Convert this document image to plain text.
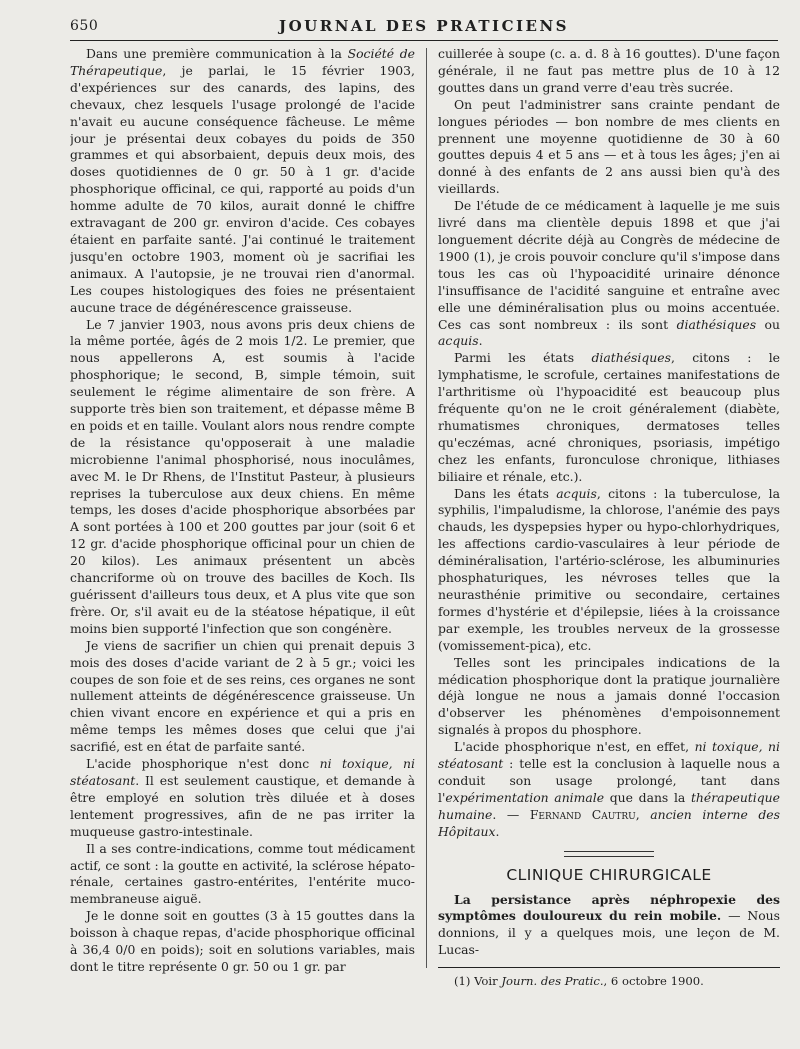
650	JOURNAL DES PRATICIENS

Dans une première communication à la Société de Thérapeutique, je parlai, le 15 février 1903, d'expériences sur des canards, des lapins, des chevaux, chez lesquels l'usage prolongé de l'acide n'avait eu aucune conséquence fâcheuse. Le même jour je présentai deux cobayes du poids de 350 grammes et qui absorbaient, depuis deux mois, des doses quotidiennes de 0 gr. 50 à 1 gr. d'acide phosphorique officinal, ce qui, rapporté au poids d'un homme adulte de 70 kilos, aurait donné le chiffre extravagant de 200 gr. environ d'acide. Ces cobayes étaient en parfaite santé. J'ai continué le traitement jusqu'en octobre 1903, moment où je sacrifiai les animaux. A l'autopsie, je ne trouvai rien d'anormal. Les coupes histologiques des foies ne présentaient aucune trace de dégénérescence graisseuse.

Le 7 janvier 1903, nous avons pris deux chiens de la même portée, âgés de 2 mois 1/2. Le premier, que nous appellerons A, est soumis à l'acide phosphorique; le second, B, simple témoin, suit seulement le régime alimentaire de son frère. A supporte très bien son traitement, et dépasse même B en poids et en taille. Voulant alors nous rendre compte de la résistance qu'opposerait à une maladie microbienne l'animal phosphorisé, nous inoculâmes, avec M. le Dr Rhens, de l'Institut Pasteur, à plusieurs reprises la tuberculose aux deux chiens. En même temps, les doses d'acide phosphorique absorbées par A sont portées à 100 et 200 gouttes par jour (soit 6 et 12 gr. d'acide phosphorique officinal pour un chien de 20 kilos). Les animaux présentent un abcès chancriforme où on trouve des bacilles de Koch. Ils guérissent d'ailleurs tous deux, et A plus vite que son frère. Or, s'il avait eu de la stéatose hépatique, il eût moins bien supporté l'infection que son congénère.

Je viens de sacrifier un chien qui prenait depuis 3 mois des doses d'acide variant de 2 à 5 gr.; voici les coupes de son foie et de ses reins, ces organes ne sont nullement atteints de dégénérescence graisseuse. Un chien vivant encore en expérience et qui a pris en même temps les mêmes doses que celui que j'ai sacrifié, est en état de parfaite santé.

L'acide phosphorique n'est donc ni toxique, ni stéatosant. Il est seulement caustique, et demande à être employé en solution très diluée et à doses lentement progressives, afin de ne pas irriter la muqueuse gastro-intestinale.

Il a ses contre-indications, comme tout médicament actif, ce sont : la goutte en activité, la sclérose hépato-rénale, certaines gastro-entérites, l'entérite muco-membraneuse aiguë.

Je le donne soit en gouttes (3 à 15 gouttes dans la boisson à chaque repas, d'acide phosphorique officinal à 36,4 0/0 en poids); soit en solutions variables, mais dont le titre représente 0 gr. 50 ou 1 gr. par

cuillerée à soupe (c. a. d. 8 à 16 gouttes). D'une façon générale, il ne faut pas mettre plus de 10 à 12 gouttes dans un grand verre d'eau très sucrée.

On peut l'administrer sans crainte pendant de longues périodes — bon nombre de mes clients en prennent une moyenne quotidienne de 30 à 60 gouttes depuis 4 et 5 ans — et à tous les âges; j'en ai donné à des enfants de 2 ans aussi bien qu'à des vieillards.

De l'étude de ce médicament à laquelle je me suis livré dans ma clientèle depuis 1898 et que j'ai longuement décrite déjà au Congrès de médecine de 1900 (1), je crois pouvoir conclure qu'il s'impose dans tous les cas où l'hypoacidité urinaire dénonce l'insuffisance de l'acidité sanguine et entraîne avec elle une déminéralisation plus ou moins accentuée. Ces cas sont nombreux : ils sont diathésiques ou acquis.

Parmi les états diathésiques, citons : le lymphatisme, le scrofule, certaines manifestations de l'arthritisme où l'hypoacidité est beaucoup plus fréquente qu'on ne le croit généralement (diabète, rhumatismes chroniques, dermatoses telles qu'eczémas, acné chroniques, psoriasis, impétigo chez les enfants, furonculose chronique, lithiases biliaire et rénale, etc.).

Dans les états acquis, citons : la tuberculose, la syphilis, l'impaludisme, la chlorose, l'anémie des pays chauds, les dyspepsies hyper ou hypo-chlorhydriques, les affections cardio-vasculaires à leur période de déminéralisation, l'artério-sclérose, les albuminuries phosphaturiques, les névroses telles que la neurasthénie primitive ou secondaire, certaines formes d'hystérie et d'épilepsie, liées à la croissance par exemple, les troubles nerveux de la grossesse (vomissement-pica), etc.

Telles sont les principales indications de la médication phosphorique dont la pratique journalière déjà longue ne nous a jamais donné l'occasion d'observer les phénomènes d'empoisonnement signalés à propos du phosphore.

L'acide phosphorique n'est, en effet, ni toxique, ni stéatosant : telle est la conclusion à laquelle nous a conduit son usage prolongé, tant dans l'expérimentation animale que dans la thérapeutique humaine. — Fernand Cautru, ancien interne des Hôpitaux.

CLINIQUE CHIRURGICALE

La persistance après néphropexie des symptômes douloureux du rein mobile. — Nous donnions, il y a quelques mois, une leçon de M. Lucas-

(1) Voir Journ. des Pratic., 6 octobre 1900.
